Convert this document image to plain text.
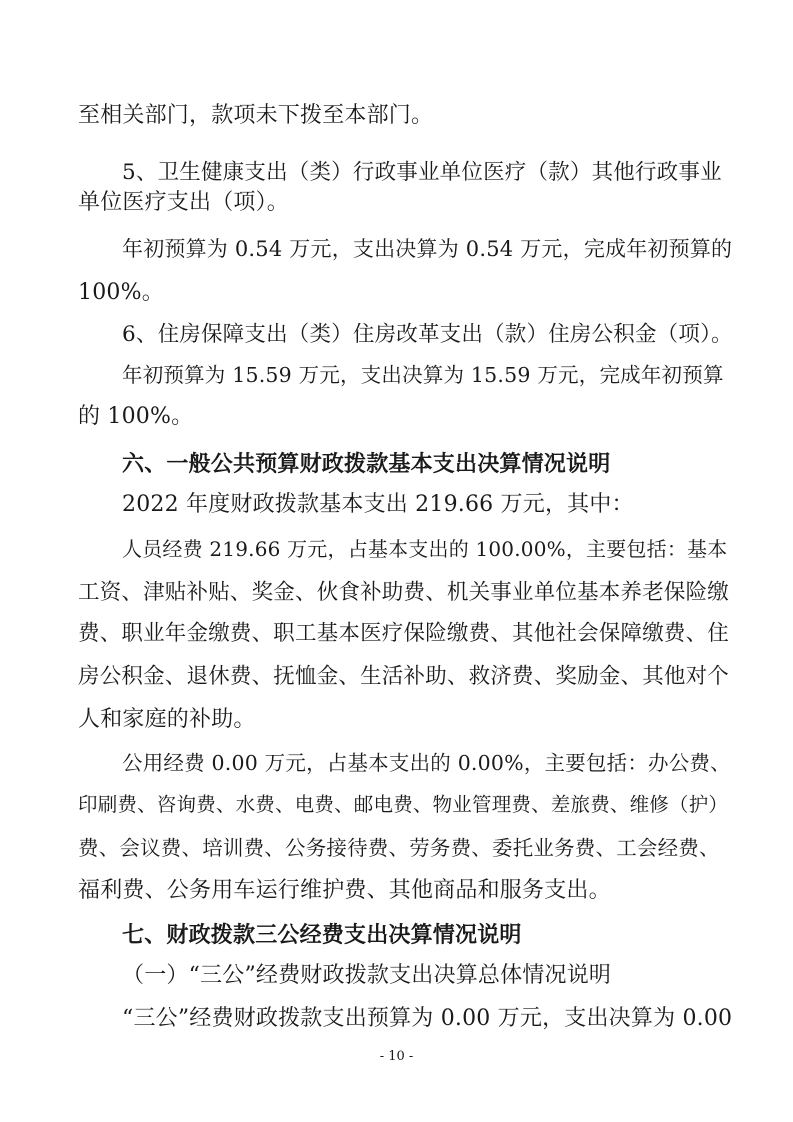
至相关部门，款项未下拨至本部门。
5、卫生健康支出（类）行政事业单位医疗（款）其他行政事业
单位医疗支出（项）。
年初预算为 0.54 万元，支出决算为 0.54 万元，完成年初预算的
100%。
6、住房保障支出（类）住房改革支出（款）住房公积金（项）。
年初预算为 15.59 万元，支出决算为 15.59 万元，完成年初预算
的 100%。
六、一般公共预算财政拨款基本支出决算情况说明
2022 年度财政拨款基本支出 219.66 万元，其中：
人员经费 219.66 万元，占基本支出的 100.00%，主要包括：基本
工资、津贴补贴、奖金、伙食补助费、机关事业单位基本养老保险缴
费、职业年金缴费、职工基本医疗保险缴费、其他社会保障缴费、住
房公积金、退休费、抚恤金、生活补助、救济费、奖励金、其他对个
人和家庭的补助。
公用经费 0.00 万元，占基本支出的 0.00%，主要包括：办公费、
印刷费、咨询费、水费、电费、邮电费、物业管理费、差旅费、维修（护）
费、会议费、培训费、公务接待费、劳务费、委托业务费、工会经费、
福利费、公务用车运行维护费、其他商品和服务支出。
七、财政拨款三公经费支出决算情况说明
（一）“三公”经费财政拨款支出决算总体情况说明
“三公”经费财政拨款支出预算为 0.00 万元，支出决算为 0.00
- 10 -
